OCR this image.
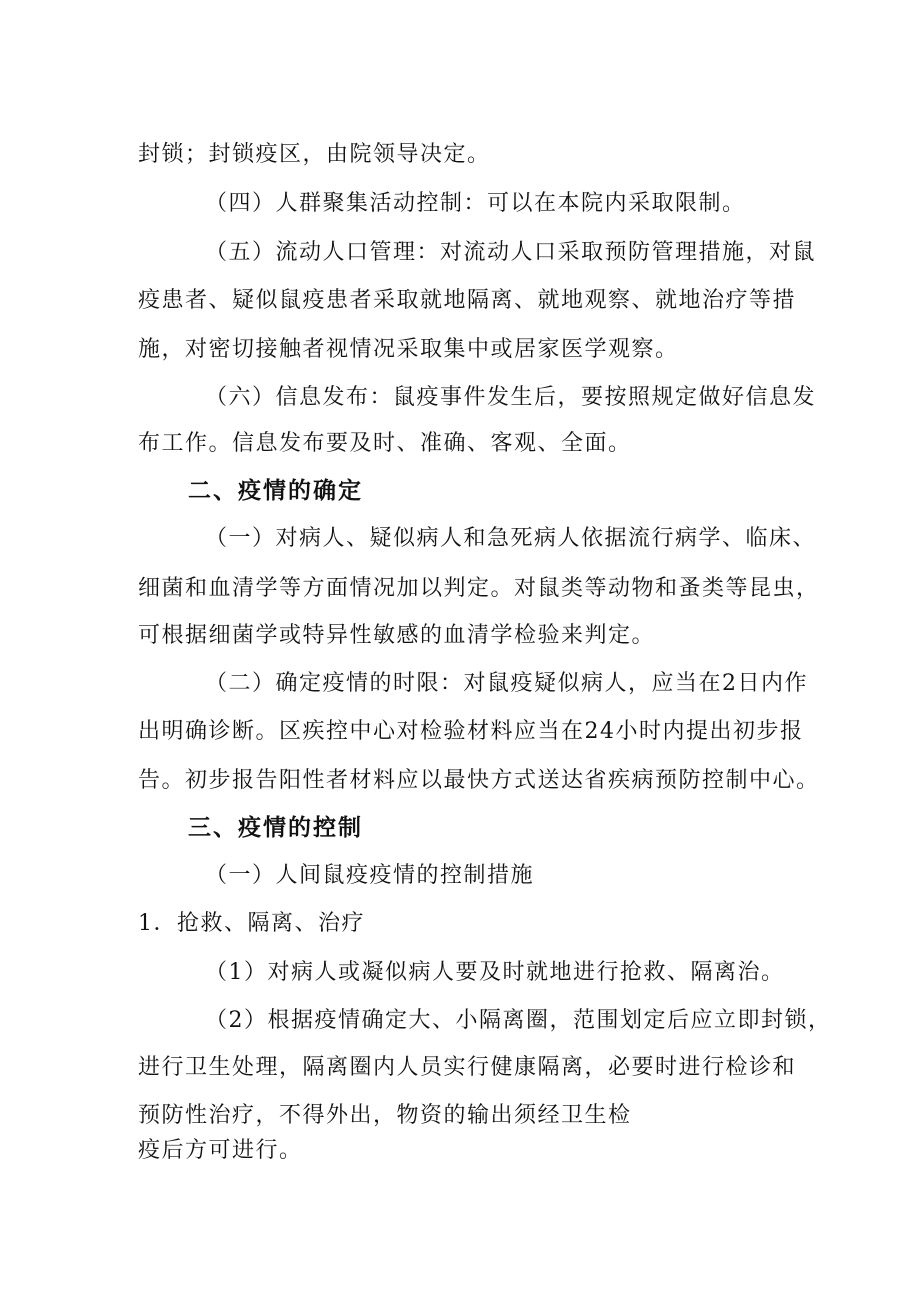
封锁；封锁疫区，由院领导决定。
（四）人群聚集活动控制：可以在本院内采取限制。
（五）流动人口管理：对流动人口采取预防管理措施，对鼠
疫患者、疑似鼠疫患者采取就地隔离、就地观察、就地治疗等措
施，对密切接触者视情况采取集中或居家医学观察。
（六）信息发布：鼠疫事件发生后，要按照规定做好信息发
布工作。信息发布要及时、准确、客观、全面。
二、疫情的确定
（一）对病人、疑似病人和急死病人依据流行病学、临床、
细菌和血清学等方面情况加以判定。对鼠类等动物和蚤类等昆虫，
可根据细菌学或特异性敏感的血清学检验来判定。
（二）确定疫情的时限：对鼠疫疑似病人，应当在2日内作
出明确诊断。区疾控中心对检验材料应当在24小时内提出初步报
告。初步报告阳性者材料应以最快方式送达省疾病预防控制中心。
三、疫情的控制
（一）人间鼠疫疫情的控制措施
1．抢救、隔离、治疗
（1）对病人或凝似病人要及时就地进行抢救、隔离治。
（2）根据疫情确定大、小隔离圈，范围划定后应立即封锁，
进行卫生处理，隔离圈内人员实行健康隔离，必要时进行检诊和
预防性治疗，不得外出，物资的输出须经卫生检
疫后方可进行。
